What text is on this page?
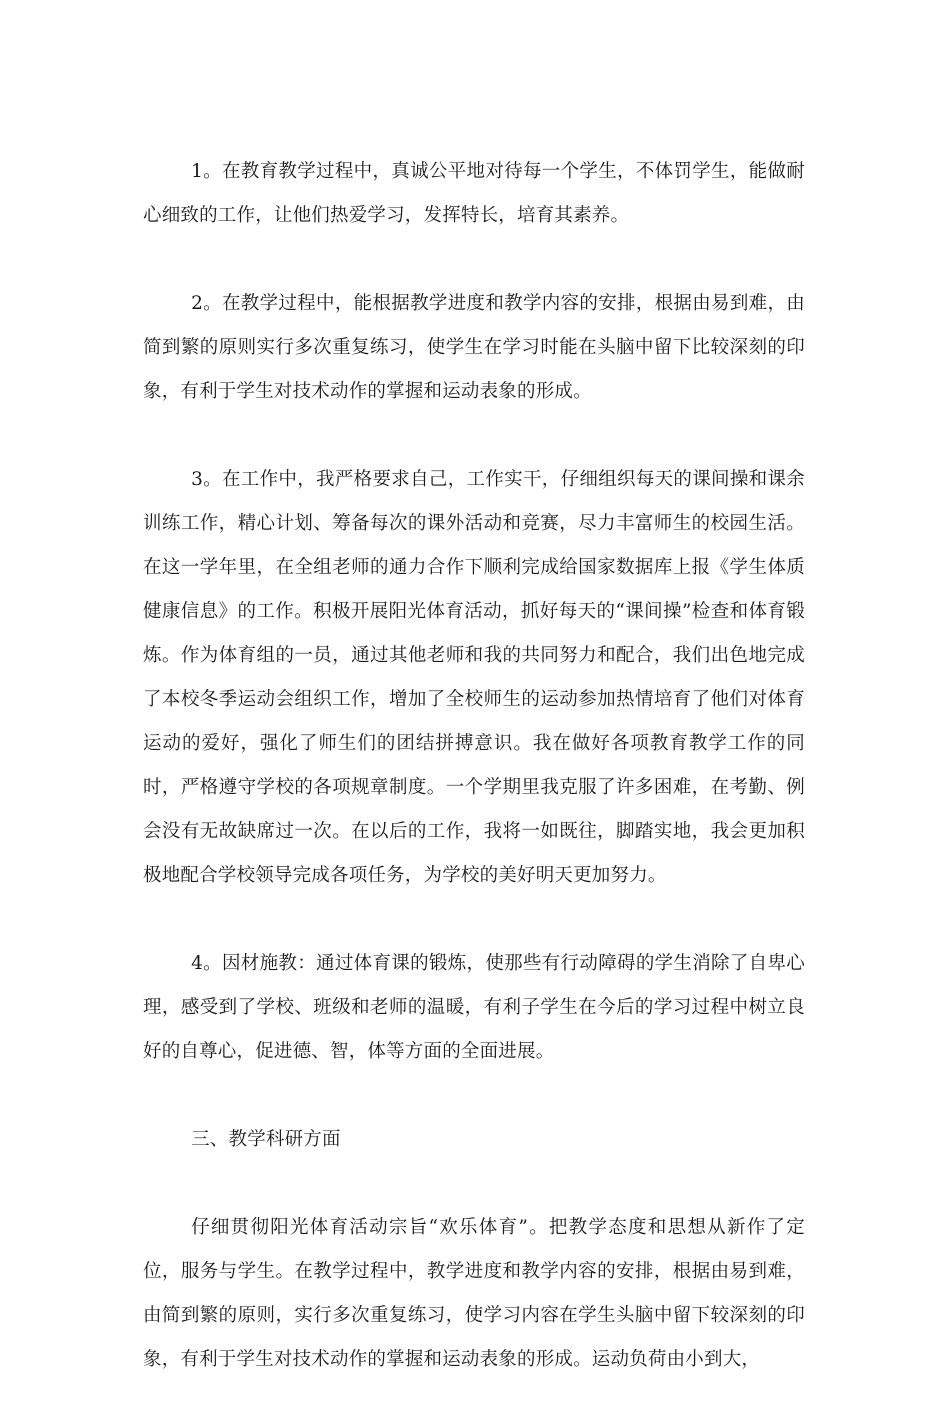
1。在教育教学过程中，真诚公平地对待每一个学生，不体罚学生，能做耐心细致的工作，让他们热爱学习，发挥特长，培育其素养。

2。在教学过程中，能根据教学进度和教学内容的安排，根据由易到难，由简到繁的原则实行多次重复练习，使学生在学习时能在头脑中留下比较深刻的印象，有利于学生对技术动作的掌握和运动表象的形成。

3。在工作中，我严格要求自己，工作实干，仔细组织每天的课间操和课余训练工作，精心计划、筹备每次的课外活动和竞赛，尽力丰富师生的校园生活。在这一学年里，在全组老师的通力合作下顺利完成给国家数据库上报《学生体质健康信息》的工作。积极开展阳光体育活动，抓好每天的“课间操”检查和体育锻炼。作为体育组的一员，通过其他老师和我的共同努力和配合，我们出色地完成了本校冬季运动会组织工作，增加了全校师生的运动参加热情培育了他们对体育运动的爱好，强化了师生们的团结拼搏意识。我在做好各项教育教学工作的同时，严格遵守学校的各项规章制度。一个学期里我克服了许多困难，在考勤、例会没有无故缺席过一次。在以后的工作，我将一如既往，脚踏实地，我会更加积极地配合学校领导完成各项任务，为学校的美好明天更加努力。

4。因材施教：通过体育课的锻炼，使那些有行动障碍的学生消除了自卑心理，感受到了学校、班级和老师的温暖，有利子学生在今后的学习过程中树立良好的自尊心，促进德、智，体等方面的全面进展。

三、教学科研方面

仔细贯彻阳光体育活动宗旨“欢乐体育”。把教学态度和思想从新作了定位，服务与学生。在教学过程中，教学进度和教学内容的安排，根据由易到难，由简到繁的原则，实行多次重复练习，使学习内容在学生头脑中留下较深刻的印象，有利于学生对技术动作的掌握和运动表象的形成。运动负荷由小到大，
